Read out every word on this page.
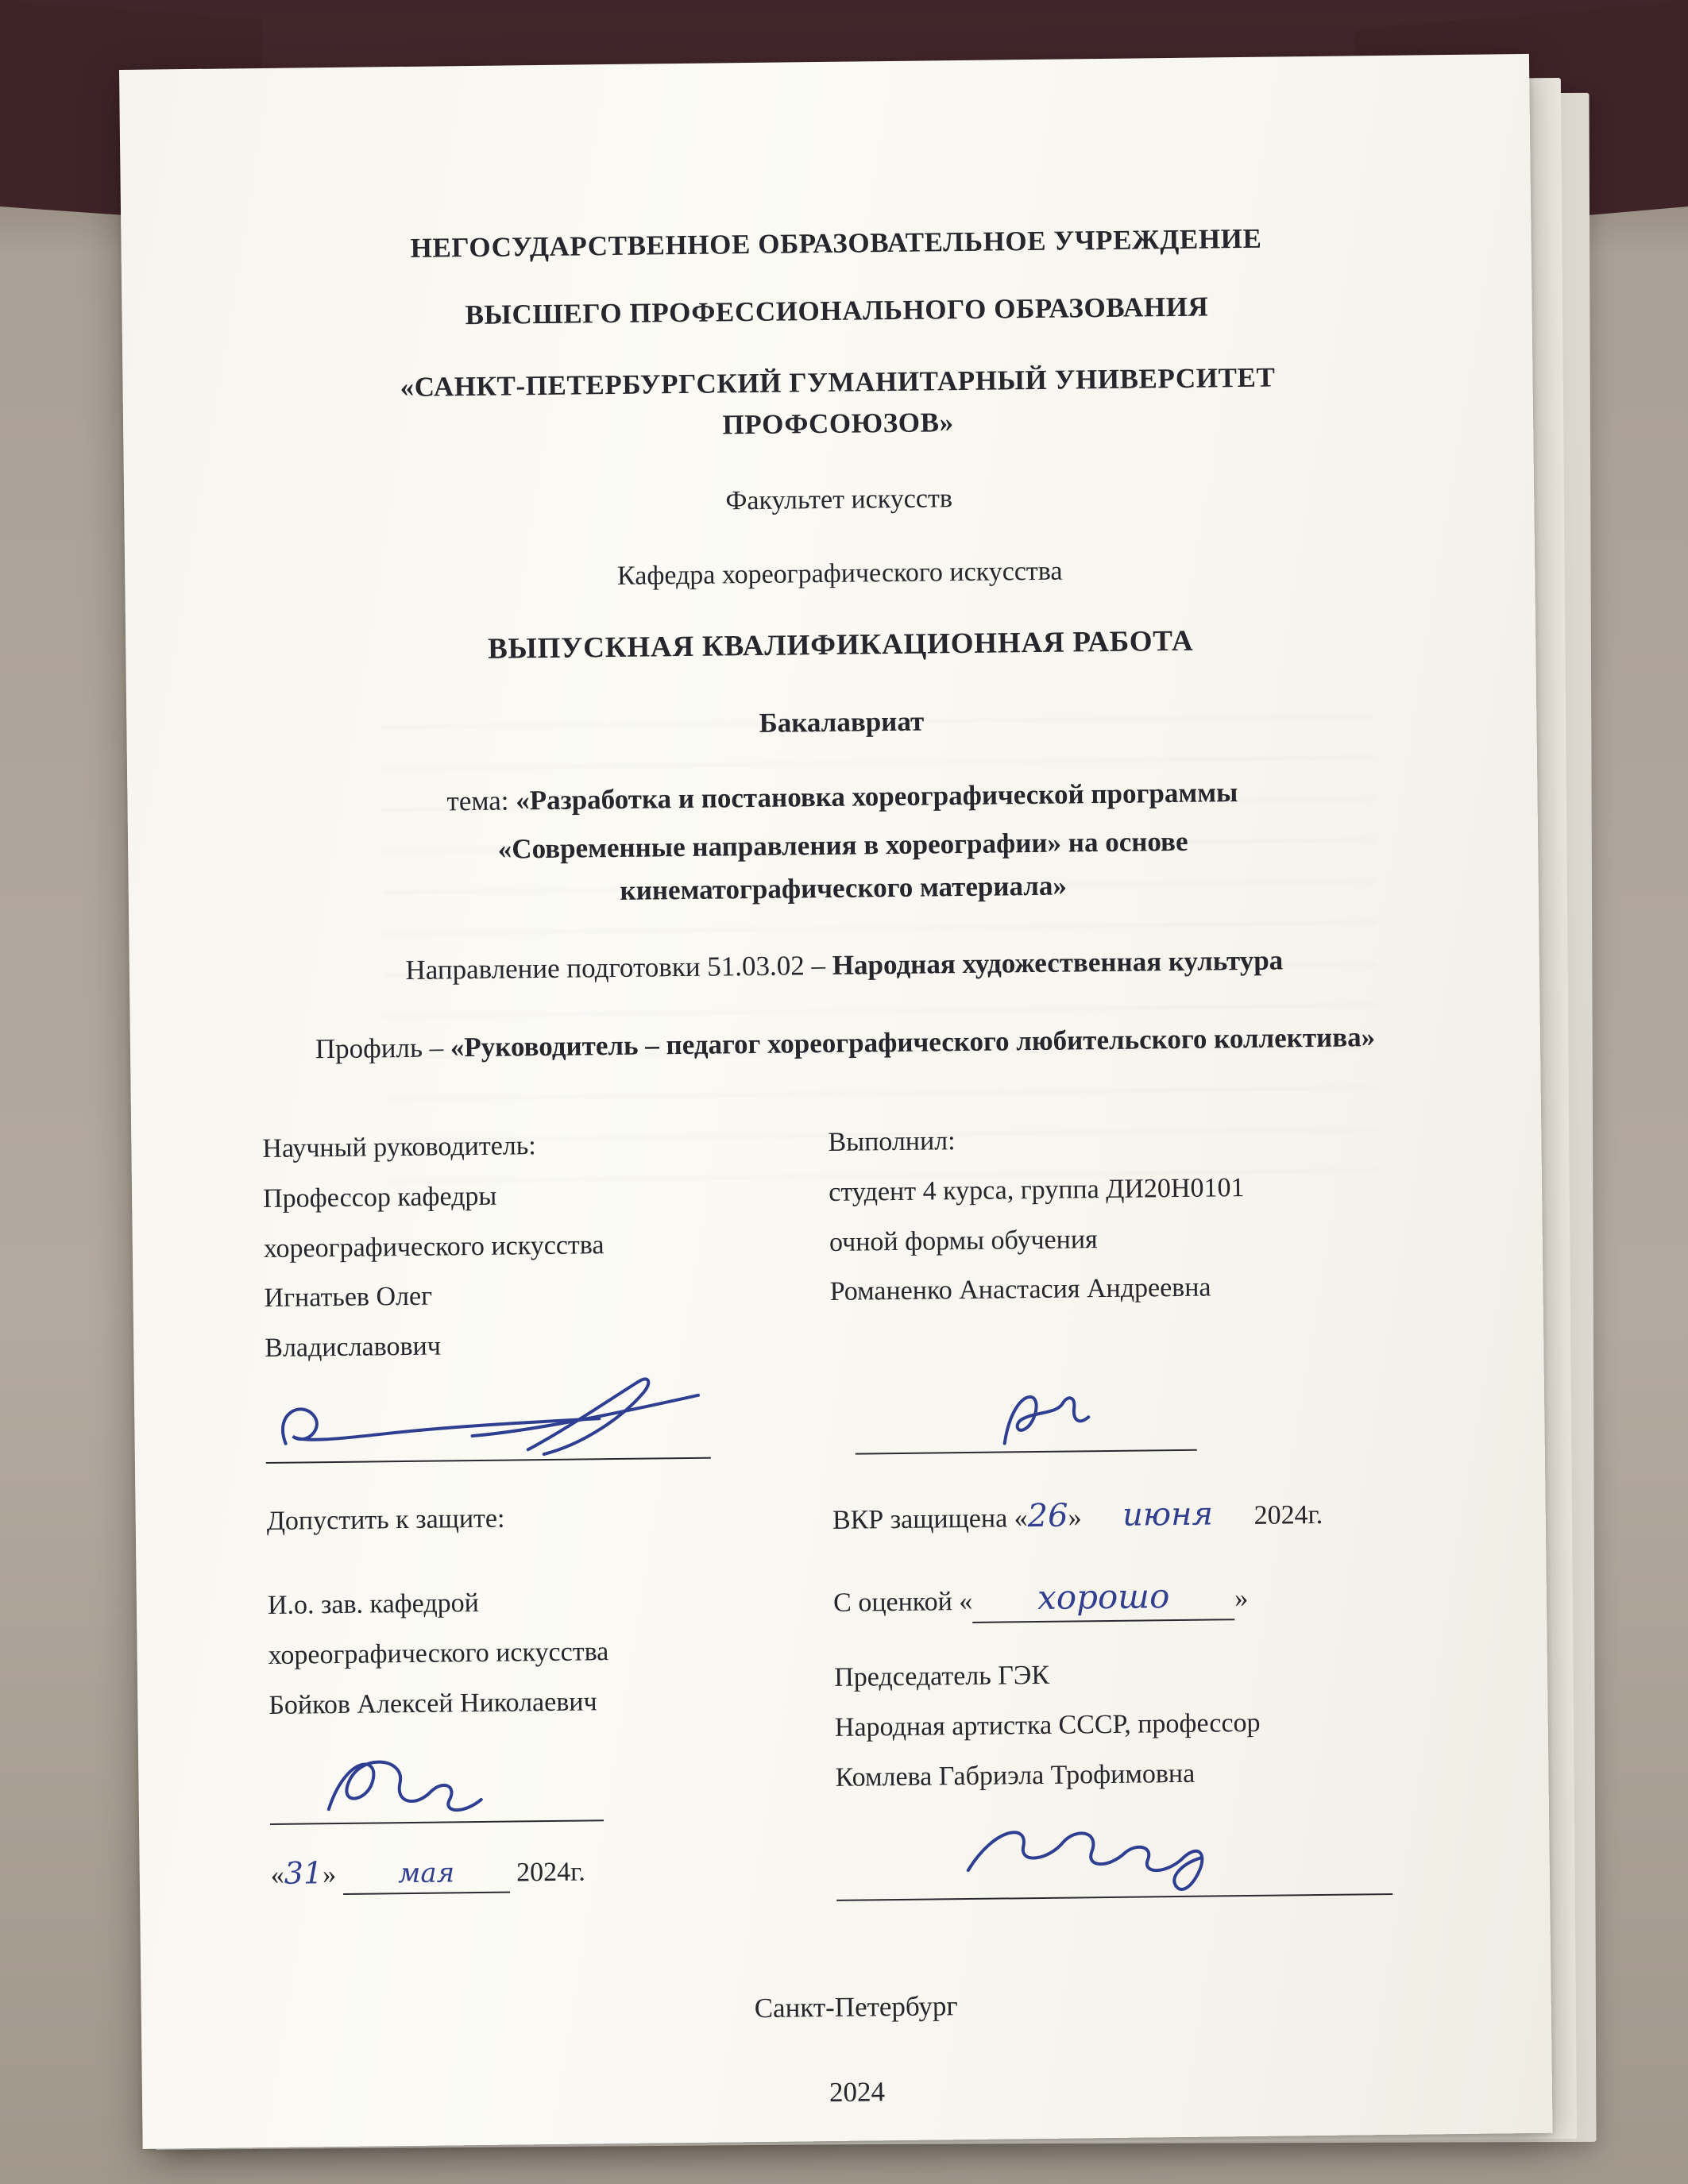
НЕГОСУДАРСТВЕННОЕ ОБРАЗОВАТЕЛЬНОЕ УЧРЕЖДЕНИЕ
ВЫСШЕГО ПРОФЕССИОНАЛЬНОГО ОБРАЗОВАНИЯ
«САНКТ-ПЕТЕРБУРГСКИЙ ГУМАНИТАРНЫЙ УНИВЕРСИТЕТ ПРОФСОЮЗОВ»
Факультет искусств
Кафедра хореографического искусства
ВЫПУСКНАЯ КВАЛИФИКАЦИОННАЯ РАБОТА
Бакалавриат
тема: «Разработка и постановка хореографической программы
«Современные направления в хореографии» на основе кинематографического материала»
Направление подготовки 51.03.02 – Народная художественная культура
Профиль – «Руководитель – педагог хореографического любительского коллектива»
Научный руководитель:
Профессор кафедры
хореографического искусства
Игнатьев Олег
Владиславович
Выполнил:
студент 4 курса, группа ДИ20Н0101
очной формы обучения
Романенко Анастасия Андреевна
Допустить к защите:
И.о. зав. кафедрой
хореографического искусства
Бойков Алексей Николаевич
«31» мая 2024г.
ВКР защищена «26» июня 2024г.
С оценкой « хорошо »
Председатель ГЭК
Народная артистка СССР, профессор
Комлева Габриэла Трофимовна
Санкт-Петербург
2024
